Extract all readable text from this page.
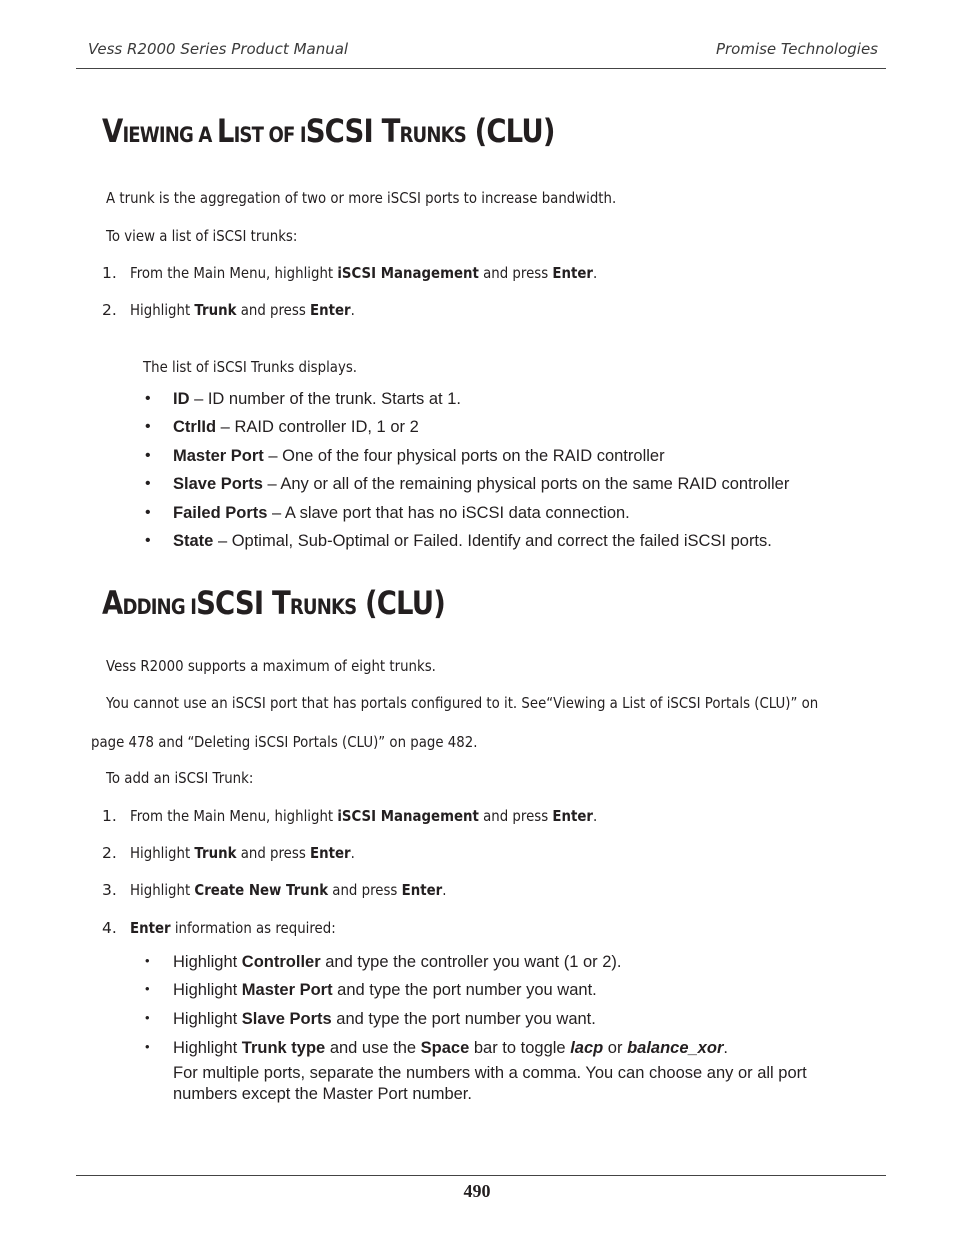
Vess R2000 Series Product Manual	Promise Technologies
VIEWING A LIST OF ISCSI TRUNKS (CLU)
A trunk is the aggregation of two or more iSCSI ports to increase bandwidth.
To view a list of iSCSI trunks:
1. From the Main Menu, highlight iSCSI Management and press Enter.
2. Highlight Trunk and press Enter.
The list of iSCSI Trunks displays.
• ID – ID number of the trunk. Starts at 1.
• CtrlId – RAID controller ID, 1 or 2
• Master Port – One of the four physical ports on the RAID controller
• Slave Ports – Any or all of the remaining physical ports on the same RAID controller
• Failed Ports – A slave port that has no iSCSI data connection.
• State – Optimal, Sub-Optimal or Failed. Identify and correct the failed iSCSI ports.
ADDING ISCSI TRUNKS (CLU)
Vess R2000 supports a maximum of eight trunks.
You cannot use an iSCSI port that has portals configured to it. See“Viewing a List of iSCSI Portals (CLU)” on
page 478 and “Deleting iSCSI Portals (CLU)” on page 482.
To add an iSCSI Trunk:
1. From the Main Menu, highlight iSCSI Management and press Enter.
2. Highlight Trunk and press Enter.
3. Highlight Create New Trunk and press Enter.
4. Enter information as required:
• Highlight Controller and type the controller you want (1 or 2).
• Highlight Master Port and type the port number you want.
• Highlight Slave Ports and type the port number you want.
• Highlight Trunk type and use the Space bar to toggle lacp or balance_xor.
For multiple ports, separate the numbers with a comma. You can choose any or all port
numbers except the Master Port number.
490
